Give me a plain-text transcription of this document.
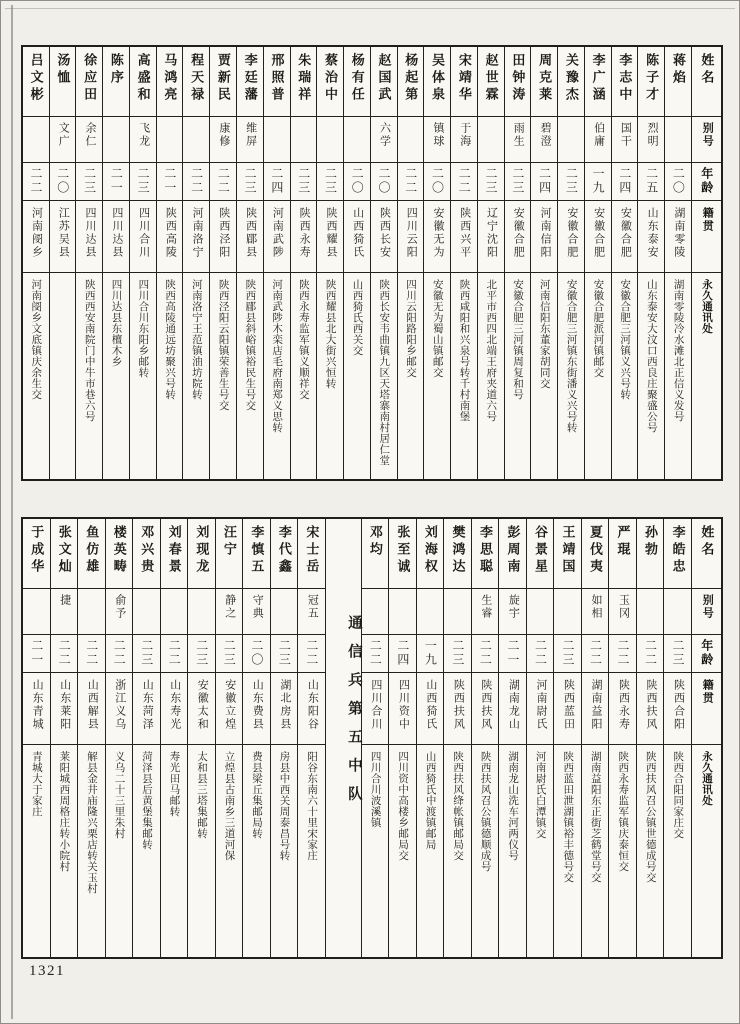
姓名
别号
年龄
籍贯
永久通讯处
蒋焰
二〇
湖南零陵
湖南零陵冷水滩北正信义发号
陈子才
烈明
二五
山东泰安
山东泰安大汶口西良庄聚盛公号
李志中
国干
二四
安徽合肥
安徽合肥三河镇义兴号转
李广涵
伯庸
一九
安徽合肥
安徽合肥派河镇邮交
关豫杰
二三
安徽合肥
安徽合肥三河镇东街潘义兴号转
周克莱
碧澄
二四
河南信阳
河南信阳东董家胡同交
田钟涛
雨生
二三
安徽合肥
安徽合肥三河镇周复和号
赵世霖
二三
辽宁沈阳
北平市西四北端王府夹道六号
宋靖华
于海
二二
陕西兴平
陕西咸阳和兴泉号转千村南堡
吴体泉
镇球
二〇
安徽无为
安徽无为蜀山镇邮交
杨起第
二二
四川云阳
四川云阳路阳乡邮交
赵国武
六学
二〇
陕西长安
陕西长安韦曲镇九区天塔寨南村居仁堂
杨有任
二〇
山西猗氏
山西猗氏西关交
蔡治中
二三
陕西耀县
陕西耀县北大街兴恒转
朱瑞祥
二三
陕西永寿
陕西永寿监军镇义顺祥交
邢照普
二四
河南武陟
河南武陟木栾店毛府南郑义思转
李廷藩
维屏
二三
陕西郿县
陕西郿县斜峪镇裕民生号交
贾新民
康修
二二
陕西泾阳
陕西泾阳云阳镇荣善生号交
程天禄
二二
河南洛宁
河南洛宁王范镇油坊院转
马鸿亮
二一
陕西高陵
陕西高陵通远坊聚兴号转
高盛和
飞龙
二三
四川合川
四川合川东阳乡邮转
陈序
二一
四川达县
四川达县东檀木乡
徐应田
余仁
二三
四川达县
陕西西安南院门中牛市巷六号
汤恤
文广
二〇
江苏吴县
吕文彬
二二
河南阌乡
河南阌乡文底镇庆余生交
姓名
别号
年龄
籍贯
永久通讯处
李皓忠
二三
陕西合阳
陕西合阳同家庄交
孙勃
二二
陕西扶风
陕西扶风召公镇世德成号交
严琨
玉冈
二二
陕西永寿
陕西永寿监军镇庆泰恒交
夏伐夷
如相
二二
湖南益阳
湖南益阳东正街芝鹤堂号交
王靖国
二三
陕西蓝田
陕西蓝田泄湖镇裕丰德号交
谷景星
二二
河南尉氏
河南尉氏白潭镇交
彭周南
旋宇
二一
湖南龙山
湖南龙山洗车河两仪号
李思聪
生睿
二二
陕西扶风
陕西扶风召公镇德顺成号
樊鸿达
二三
陕西扶风
陕西扶风绛帐镇邮局交
刘海权
一九
山西猗氏
山西猗氏中渡镇邮局
张至诚
二四
四川资中
四川资中高楼乡邮局交
邓均
二二
四川合川
四川合川波溪镇
通信兵第五中队
宋士岳
冠五
二二
山东阳谷
阳谷东南六十里宋家庄
李代鑫
二三
湖北房县
房县中西关周泰昌号转
李慎五
守典
二〇
山东费县
费县梁丘集邮局转
汪宁
静之
二三
安徽立煌
立煌县古南乡三道河保
刘现龙
二三
安徽太和
太和县三塔集邮转
刘春景
二二
山东寿光
寿光田马邮转
邓兴贵
二三
山东菏泽
菏泽县后黄堡集邮转
楼英畴
俞予
二二
浙江义乌
义乌二十三里朱村
鱼仿雄
二二
山西解县
解县金井庙隆兴栗店转关玉村
张文灿
捷
二二
山东莱阳
莱阳城西周格庄转小院村
于成华
二一
山东青城
青城大于家庄
1321
